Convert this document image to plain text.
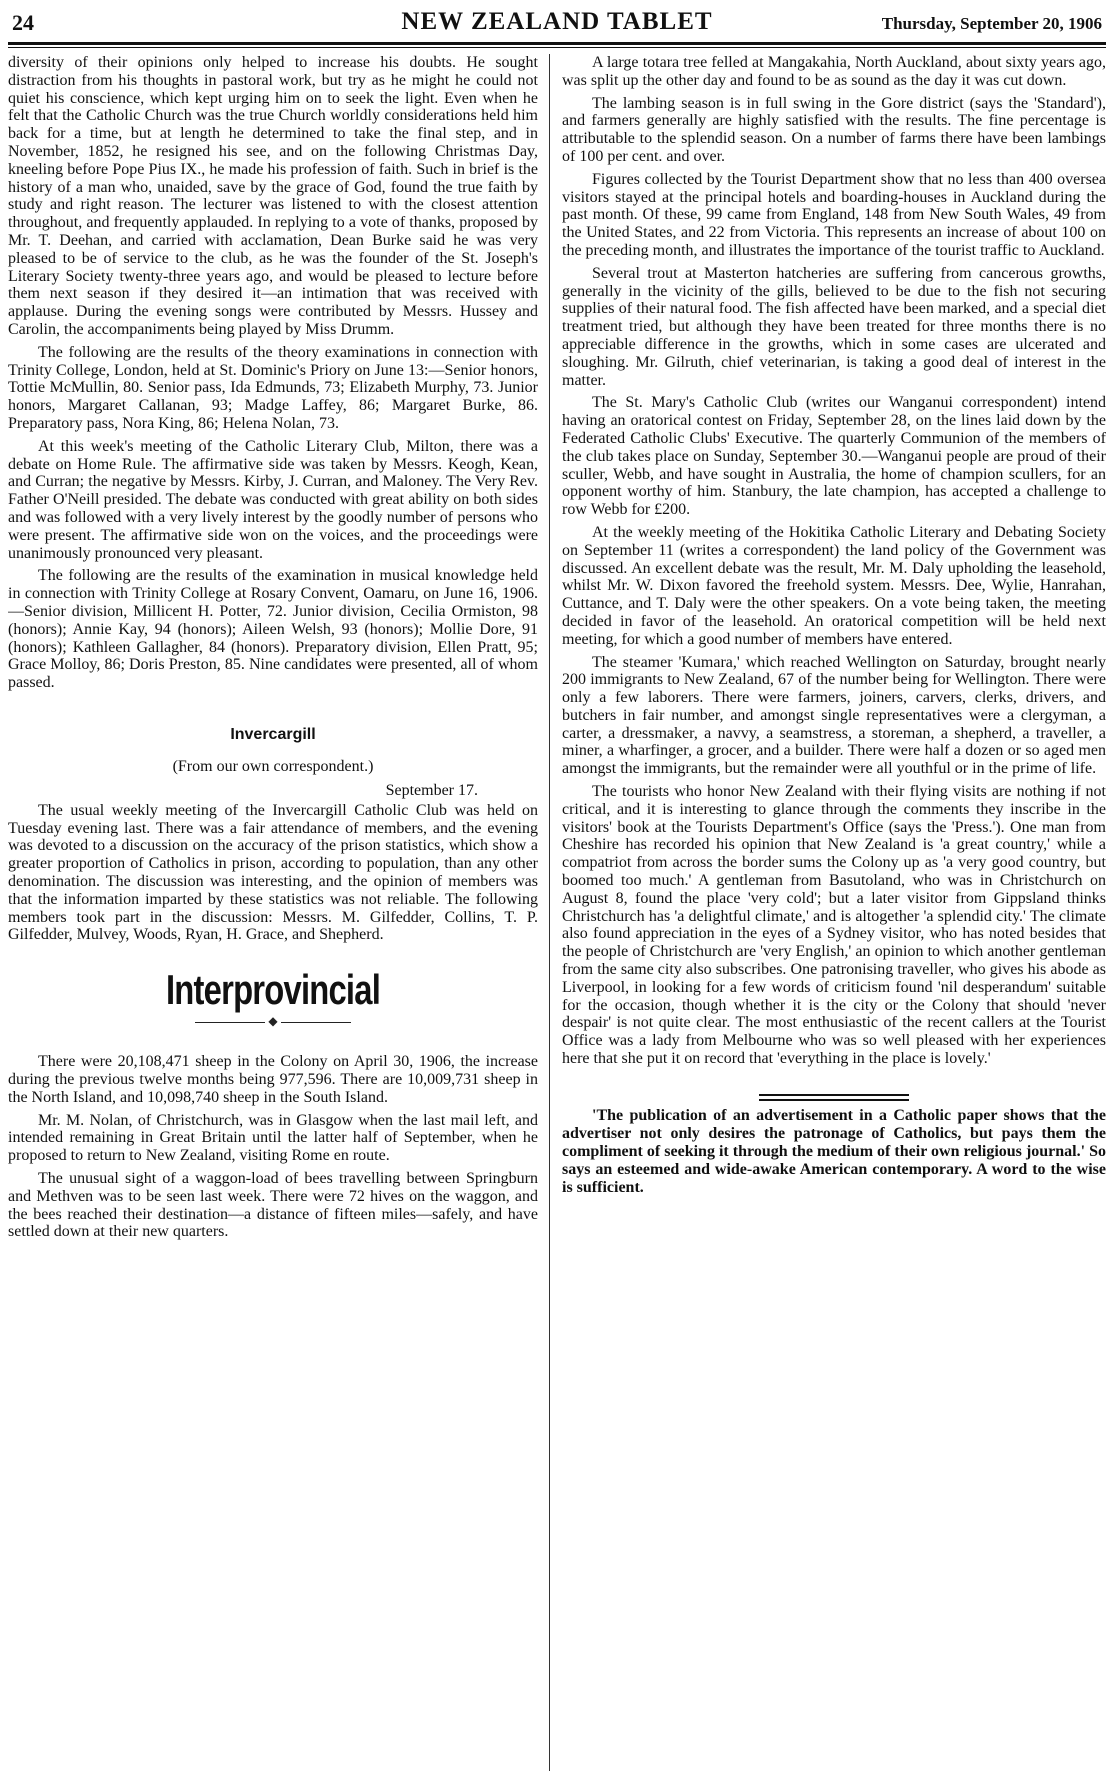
24	NEW ZEALAND TABLET	Thursday, September 20, 1906

diversity of their opinions only helped to increase his doubts. He sought distraction from his thoughts in pastoral work, but try as he might he could not quiet his conscience, which kept urging him on to seek the light. Even when he felt that the Catholic Church was the true Church worldly considerations held him back for a time, but at length he determined to take the final step, and in November, 1852, he resigned his see, and on the following Christmas Day, kneeling before Pope Pius IX., he made his profession of faith. Such in brief is the history of a man who, unaided, save by the grace of God, found the true faith by study and right reason. The lecturer was listened to with the closest attention throughout, and frequently applauded. In replying to a vote of thanks, proposed by Mr. T. Deehan, and carried with acclamation, Dean Burke said he was very pleased to be of service to the club, as he was the founder of the St. Joseph's Literary Society twenty-three years ago, and would be pleased to lecture before them next season if they desired it—an intimation that was received with applause. During the evening songs were contributed by Messrs. Hussey and Carolin, the accompaniments being played by Miss Drumm.

The following are the results of the theory examinations in connection with Trinity College, London, held at St. Dominic's Priory on June 13:—Senior honors, Tottie McMullin, 80. Senior pass, Ida Edmunds, 73; Elizabeth Murphy, 73. Junior honors, Margaret Callanan, 93; Madge Laffey, 86; Margaret Burke, 86. Preparatory pass, Nora King, 86; Helena Nolan, 73.

At this week's meeting of the Catholic Literary Club, Milton, there was a debate on Home Rule. The affirmative side was taken by Messrs. Keogh, Kean, and Curran; the negative by Messrs. Kirby, J. Curran, and Maloney. The Very Rev. Father O'Neill presided. The debate was conducted with great ability on both sides and was followed with a very lively interest by the goodly number of persons who were present. The affirmative side won on the voices, and the proceedings were unanimously pronounced very pleasant.

The following are the results of the examination in musical knowledge held in connection with Trinity College at Rosary Convent, Oamaru, on June 16, 1906.—Senior division, Millicent H. Potter, 72. Junior division, Cecilia Ormiston, 98 (honors); Annie Kay, 94 (honors); Aileen Welsh, 93 (honors); Mollie Dore, 91 (honors); Kathleen Gallagher, 84 (honors). Preparatory division, Ellen Pratt, 95; Grace Molloy, 86; Doris Preston, 85. Nine candidates were presented, all of whom passed.

Invercargill
(From our own correspondent.)
September 17.

The usual weekly meeting of the Invercargill Catholic Club was held on Tuesday evening last. There was a fair attendance of members, and the evening was devoted to a discussion on the accuracy of the prison statistics, which show a greater proportion of Catholics in prison, according to population, than any other denomination. The discussion was interesting, and the opinion of members was that the information imparted by these statistics was not reliable. The following members took part in the discussion: Messrs. M. Gilfedder, Collins, T. P. Gilfedder, Mulvey, Woods, Ryan, H. Grace, and Shepherd.

Interprovincial
◆

There were 20,108,471 sheep in the Colony on April 30, 1906, the increase during the previous twelve months being 977,596. There are 10,009,731 sheep in the North Island, and 10,098,740 sheep in the South Island.

Mr. M. Nolan, of Christchurch, was in Glasgow when the last mail left, and intended remaining in Great Britain until the latter half of September, when he proposed to return to New Zealand, visiting Rome en route.

The unusual sight of a waggon-load of bees travelling between Springburn and Methven was to be seen last week. There were 72 hives on the waggon, and the bees reached their destination—a distance of fifteen miles—safely, and have settled down at their new quarters.

A large totara tree felled at Mangakahia, North Auckland, about sixty years ago, was split up the other day and found to be as sound as the day it was cut down.

The lambing season is in full swing in the Gore district (says the 'Standard'), and farmers generally are highly satisfied with the results. The fine percentage is attributable to the splendid season. On a number of farms there have been lambings of 100 per cent. and over.

Figures collected by the Tourist Department show that no less than 400 oversea visitors stayed at the principal hotels and boarding-houses in Auckland during the past month. Of these, 99 came from England, 148 from New South Wales, 49 from the United States, and 22 from Victoria. This represents an increase of about 100 on the preceding month, and illustrates the importance of the tourist traffic to Auckland.

Several trout at Masterton hatcheries are suffering from cancerous growths, generally in the vicinity of the gills, believed to be due to the fish not securing supplies of their natural food. The fish affected have been marked, and a special diet treatment tried, but although they have been treated for three months there is no appreciable difference in the growths, which in some cases are ulcerated and sloughing. Mr. Gilruth, chief veterinarian, is taking a good deal of interest in the matter.

The St. Mary's Catholic Club (writes our Wanganui correspondent) intend having an oratorical contest on Friday, September 28, on the lines laid down by the Federated Catholic Clubs' Executive. The quarterly Communion of the members of the club takes place on Sunday, September 30.—Wanganui people are proud of their sculler, Webb, and have sought in Australia, the home of champion scullers, for an opponent worthy of him. Stanbury, the late champion, has accepted a challenge to row Webb for £200.

At the weekly meeting of the Hokitika Catholic Literary and Debating Society on September 11 (writes a correspondent) the land policy of the Government was discussed. An excellent debate was the result, Mr. M. Daly upholding the leasehold, whilst Mr. W. Dixon favored the freehold system. Messrs. Dee, Wylie, Hanrahan, Cuttance, and T. Daly were the other speakers. On a vote being taken, the meeting decided in favor of the leasehold. An oratorical competition will be held next meeting, for which a good number of members have entered.

The steamer 'Kumara,' which reached Wellington on Saturday, brought nearly 200 immigrants to New Zealand, 67 of the number being for Wellington. There were only a few laborers. There were farmers, joiners, carvers, clerks, drivers, and butchers in fair number, and amongst single representatives were a clergyman, a carter, a dressmaker, a navvy, a seamstress, a storeman, a shepherd, a traveller, a miner, a wharfinger, a grocer, and a builder. There were half a dozen or so aged men amongst the immigrants, but the remainder were all youthful or in the prime of life.

The tourists who honor New Zealand with their flying visits are nothing if not critical, and it is interesting to glance through the comments they inscribe in the visitors' book at the Tourists Department's Office (says the 'Press.'). One man from Cheshire has recorded his opinion that New Zealand is 'a great country,' while a compatriot from across the border sums the Colony up as 'a very good country, but boomed too much.' A gentleman from Basutoland, who was in Christchurch on August 8, found the place 'very cold'; but a later visitor from Gippsland thinks Christchurch has 'a delightful climate,' and is altogether 'a splendid city.' The climate also found appreciation in the eyes of a Sydney visitor, who has noted besides that the people of Christchurch are 'very English,' an opinion to which another gentleman from the same city also subscribes. One patronising traveller, who gives his abode as Liverpool, in looking for a few words of criticism found 'nil desperandum' suitable for the occasion, though whether it is the city or the Colony that should 'never despair' is not quite clear. The most enthusiastic of the recent callers at the Tourist Office was a lady from Melbourne who was so well pleased with her experiences here that she put it on record that 'everything in the place is lovely.'

'The publication of an advertisement in a Catholic paper shows that the advertiser not only desires the patronage of Catholics, but pays them the compliment of seeking it through the medium of their own religious journal.' So says an esteemed and wide-awake American contemporary. A word to the wise is sufficient.
